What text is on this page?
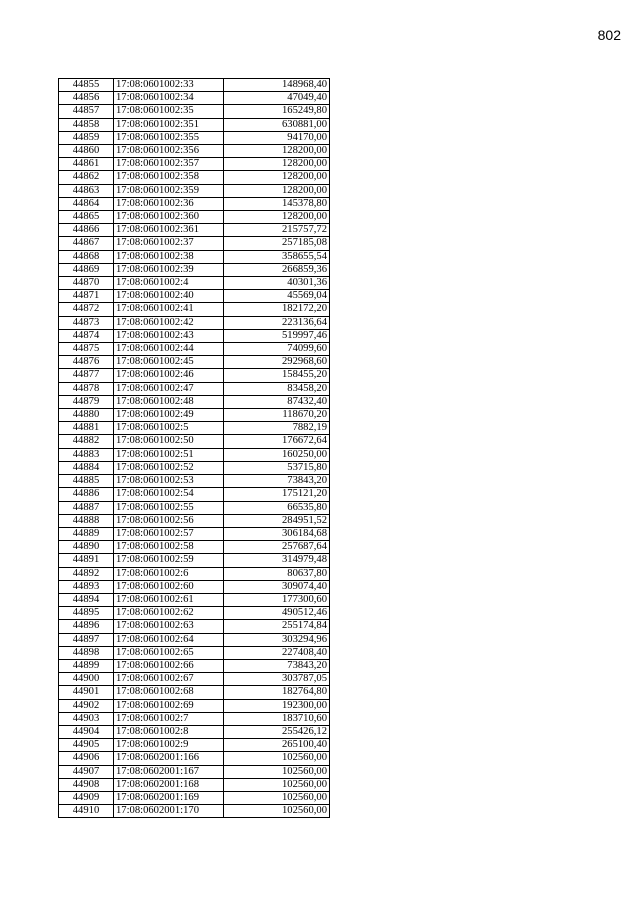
802
44855	17:08:0601002:33	148968,40
44856	17:08:0601002:34	47049,40
44857	17:08:0601002:35	165249,80
44858	17:08:0601002:351	630881,00
44859	17:08:0601002:355	94170,00
44860	17:08:0601002:356	128200,00
44861	17:08:0601002:357	128200,00
44862	17:08:0601002:358	128200,00
44863	17:08:0601002:359	128200,00
44864	17:08:0601002:36	145378,80
44865	17:08:0601002:360	128200,00
44866	17:08:0601002:361	215757,72
44867	17:08:0601002:37	257185,08
44868	17:08:0601002:38	358655,54
44869	17:08:0601002:39	266859,36
44870	17:08:0601002:4	40301,36
44871	17:08:0601002:40	45569,04
44872	17:08:0601002:41	182172,20
44873	17:08:0601002:42	223136,64
44874	17:08:0601002:43	519997,46
44875	17:08:0601002:44	74099,60
44876	17:08:0601002:45	292968,60
44877	17:08:0601002:46	158455,20
44878	17:08:0601002:47	83458,20
44879	17:08:0601002:48	87432,40
44880	17:08:0601002:49	118670,20
44881	17:08:0601002:5	7882,19
44882	17:08:0601002:50	176672,64
44883	17:08:0601002:51	160250,00
44884	17:08:0601002:52	53715,80
44885	17:08:0601002:53	73843,20
44886	17:08:0601002:54	175121,20
44887	17:08:0601002:55	66535,80
44888	17:08:0601002:56	284951,52
44889	17:08:0601002:57	306184,68
44890	17:08:0601002:58	257687,64
44891	17:08:0601002:59	314979,48
44892	17:08:0601002:6	80637,80
44893	17:08:0601002:60	309074,40
44894	17:08:0601002:61	177300,60
44895	17:08:0601002:62	490512,46
44896	17:08:0601002:63	255174,84
44897	17:08:0601002:64	303294,96
44898	17:08:0601002:65	227408,40
44899	17:08:0601002:66	73843,20
44900	17:08:0601002:67	303787,05
44901	17:08:0601002:68	182764,80
44902	17:08:0601002:69	192300,00
44903	17:08:0601002:7	183710,60
44904	17:08:0601002:8	255426,12
44905	17:08:0601002:9	265100,40
44906	17:08:0602001:166	102560,00
44907	17:08:0602001:167	102560,00
44908	17:08:0602001:168	102560,00
44909	17:08:0602001:169	102560,00
44910	17:08:0602001:170	102560,00
